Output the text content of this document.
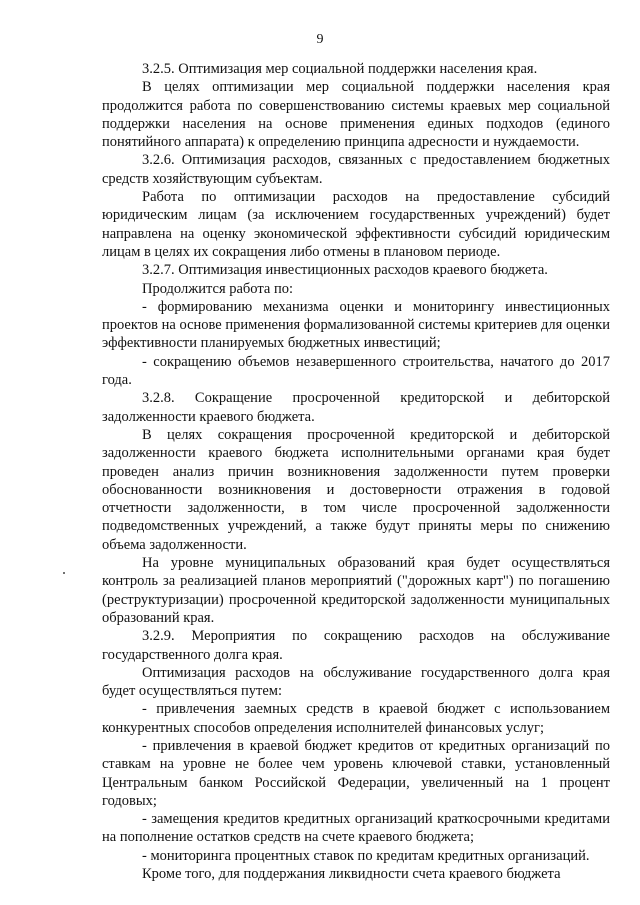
9

3.2.5. Оптимизация мер социальной поддержки населения края.

В целях оптимизации мер социальной поддержки населения края продолжится работа по совершенствованию системы краевых мер социальной поддержки населения на основе применения единых подходов (единого понятийного аппарата) к определению принципа адресности и нуждаемости.

3.2.6. Оптимизация расходов, связанных с предоставлением бюджетных средств хозяйствующим субъектам.

Работа по оптимизации расходов на предоставление субсидий юридическим лицам (за исключением государственных учреждений) будет направлена на оценку экономической эффективности субсидий юридическим лицам в целях их сокращения либо отмены в плановом периоде.

3.2.7. Оптимизация инвестиционных расходов краевого бюджета.

Продолжится работа по:

- формированию механизма оценки и мониторингу инвестиционных проектов на основе применения формализованной системы критериев для оценки эффективности планируемых бюджетных инвестиций;

- сокращению объемов незавершенного строительства, начатого до 2017 года.

3.2.8. Сокращение просроченной кредиторской и дебиторской задолженности краевого бюджета.

В целях сокращения просроченной кредиторской и дебиторской задолженности краевого бюджета исполнительными органами края будет проведен анализ причин возникновения задолженности путем проверки обоснованности возникновения и достоверности отражения в годовой отчетности задолженности, в том числе просроченной задолженности подведомственных учреждений, а также будут приняты меры по снижению объема задолженности.

На уровне муниципальных образований края будет осуществляться контроль за реализацией планов мероприятий ("дорожных карт") по погашению (реструктуризации) просроченной кредиторской задолженности муниципальных образований края.

3.2.9. Мероприятия по сокращению расходов на обслуживание государственного долга края.

Оптимизация расходов на обслуживание государственного долга края будет осуществляться путем:

- привлечения заемных средств в краевой бюджет с использованием конкурентных способов определения исполнителей финансовых услуг;

- привлечения в краевой бюджет кредитов от кредитных организаций по ставкам на уровне не более чем уровень ключевой ставки, установленный Центральным банком Российской Федерации, увеличенный на 1 процент годовых;

- замещения кредитов кредитных организаций краткосрочными кредитами на пополнение остатков средств на счете краевого бюджета;

- мониторинга процентных ставок по кредитам кредитных организаций.

Кроме того, для поддержания ликвидности счета краевого бюджета
